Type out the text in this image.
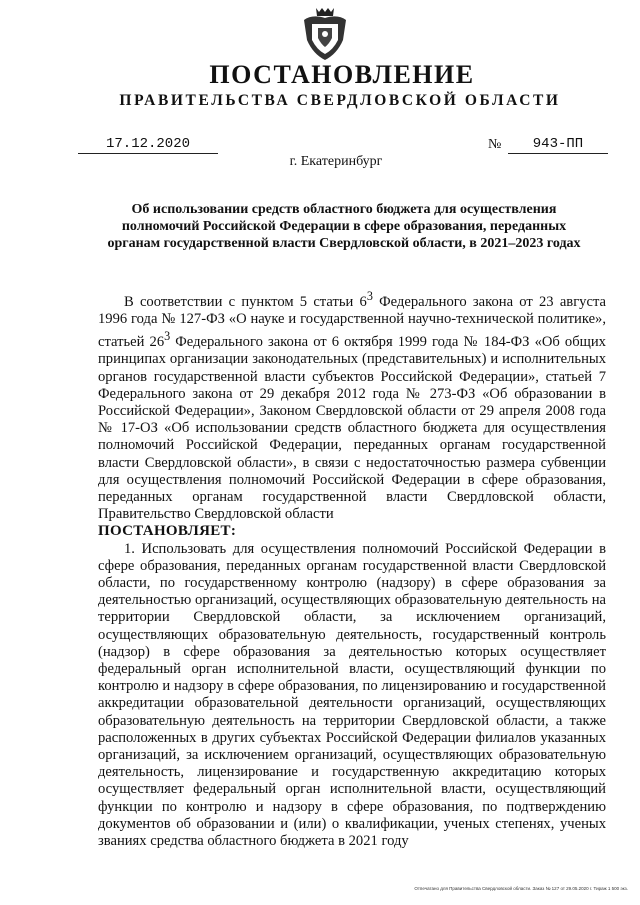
ПОСТАНОВЛЕНИЕ
ПРАВИТЕЛЬСТВА СВЕРДЛОВСКОЙ ОБЛАСТИ
17.12.2020	№	943-ПП
г. Екатеринбург
Об использовании средств областного бюджета для осуществления полномочий Российской Федерации в сфере образования, переданных органам государственной власти Свердловской области, в 2021–2023 годах

В соответствии с пунктом 5 статьи $6^3$ Федерального закона от 23 августа 1996 года № 127-ФЗ «О науке и государственной научно-технической политике», статьей $26^3$ Федерального закона от 6 октября 1999 года № 184-ФЗ «Об общих принципах организации законодательных (представительных) и исполнительных органов государственной власти субъектов Российской Федерации», статьей 7 Федерального закона от 29 декабря 2012 года № 273-ФЗ «Об образовании в Российской Федерации», Законом Свердловской области от 29 апреля 2008 года № 17-ОЗ «Об использовании средств областного бюджета для осуществления полномочий Российской Федерации, переданных органам государственной власти Свердловской области», в связи с недостаточностью размера субвенции для осуществления полномочий Российской Федерации в сфере образования, переданных органам государственной власти Свердловской области, Правительство Свердловской области

ПОСТАНОВЛЯЕТ:

1. Использовать для осуществления полномочий Российской Федерации в сфере образования, переданных органам государственной власти Свердловской области, по государственному контролю (надзору) в сфере образования за деятельностью организаций, осуществляющих образовательную деятельность на территории Свердловской области, за исключением организаций, осуществляющих образовательную деятельность, государственный контроль (надзор) в сфере образования за деятельностью которых осуществляет федеральный орган исполнительной власти, осуществляющий функции по контролю и надзору в сфере образования, по лицензированию и государственной аккредитации образовательной деятельности организаций, осуществляющих образовательную деятельность на территории Свердловской области, а также расположенных в других субъектах Российской Федерации филиалов указанных организаций, за исключением организаций, осуществляющих образовательную деятельность, лицензирование и государственную аккредитацию которых осуществляет федеральный орган исполнительной власти, осуществляющий функции по контролю и надзору в сфере образования, по подтверждению документов об образовании и (или) о квалификации, ученых степенях, ученых званиях средства областного бюджета в 2021 году

Отпечатано для Правительства Свердловской области. Заказ № 127 от 29.05.2020 г. Тираж 1 500 экз.
